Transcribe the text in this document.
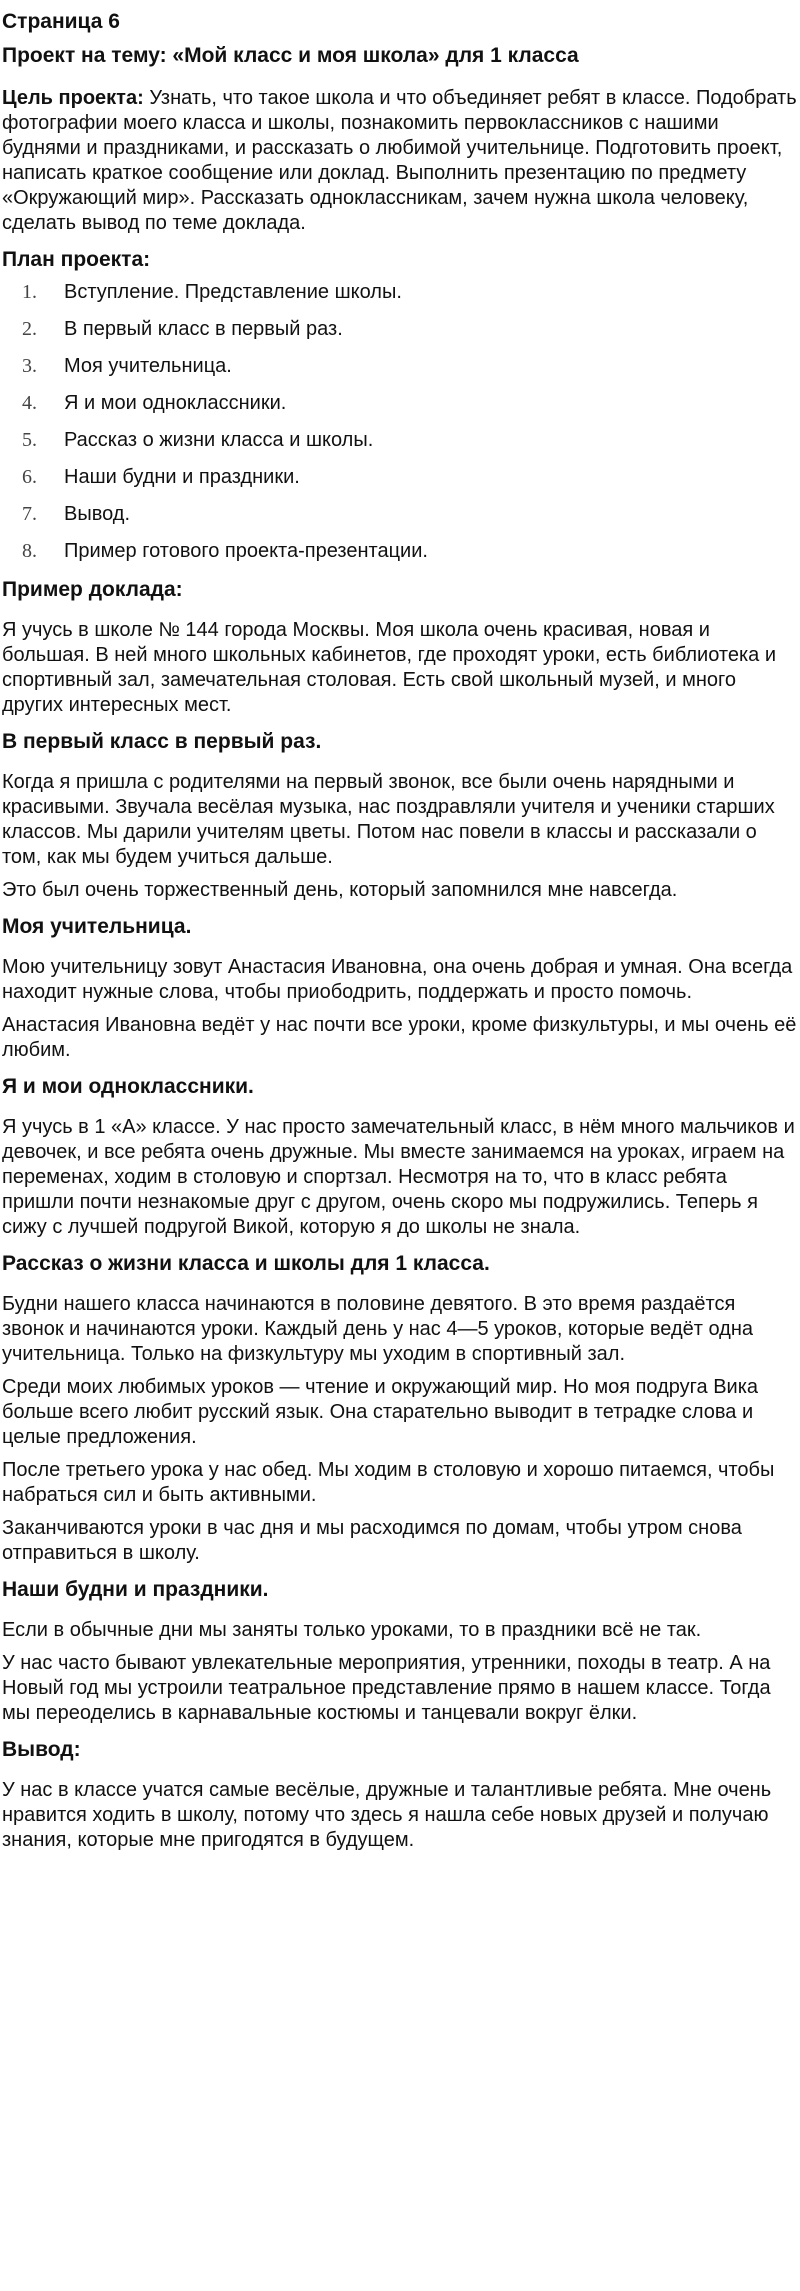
Страница 6
Проект на тему: «Мой класс и моя школа» для 1 класса

Цель проекта: Узнать, что такое школа и что объединяет ребят в классе. Подобрать фотографии моего класса и школы, познакомить первоклассников с нашими буднями и праздниками, и рассказать о любимой учительнице. Подготовить проект, написать краткое сообщение или доклад. Выполнить презентацию по предмету «Окружающий мир». Рассказать одноклассникам, зачем нужна школа человеку, сделать вывод по теме доклада.

План проекта:
1.	Вступление. Представление школы.
2.	В первый класс в первый раз.
3.	Моя учительница.
4.	Я и мои одноклассники.
5.	Рассказ о жизни класса и школы.
6.	Наши будни и праздники.
7.	Вывод.
8.	Пример готового проекта-презентации.
Пример доклада:

Я учусь в школе № 144 города Москвы. Моя школа очень красивая, новая и большая. В ней много школьных кабинетов, где проходят уроки, есть библиотека и спортивный зал, замечательная столовая. Есть свой школьный музей, и много других интересных мест.

В первый класс в первый раз.

Когда я пришла с родителями на первый звонок, все были очень нарядными и красивыми. Звучала весёлая музыка, нас поздравляли учителя и ученики старших классов. Мы дарили учителям цветы. Потом нас повели в классы и рассказали о том, как мы будем учиться дальше.

Это был очень торжественный день, который запомнился мне навсегда.

Моя учительница.

Мою учительницу зовут Анастасия Ивановна, она очень добрая и умная. Она всегда находит нужные слова, чтобы приободрить, поддержать и просто помочь.

Анастасия Ивановна ведёт у нас почти все уроки, кроме физкультуры, и мы очень её любим.

Я и мои одноклассники.

Я учусь в 1 «А» классе. У нас просто замечательный класс, в нём много мальчиков и девочек, и все ребята очень дружные. Мы вместе занимаемся на уроках, играем на переменах, ходим в столовую и спортзал. Несмотря на то, что в класс ребята пришли почти незнакомые друг с другом, очень скоро мы подружились. Теперь я сижу с лучшей подругой Викой, которую я до школы не знала.

Рассказ о жизни класса и школы для 1 класса.

Будни нашего класса начинаются в половине девятого. В это время раздаётся звонок и начинаются уроки. Каждый день у нас 4—5 уроков, которые ведёт одна учительница. Только на физкультуру мы уходим в спортивный зал.

Среди моих любимых уроков — чтение и окружающий мир. Но моя подруга Вика больше всего любит русский язык. Она старательно выводит в тетрадке слова и целые предложения.

После третьего урока у нас обед. Мы ходим в столовую и хорошо питаемся, чтобы набраться сил и быть активными.

Заканчиваются уроки в час дня и мы расходимся по домам, чтобы утром снова отправиться в школу.

Наши будни и праздники.

Если в обычные дни мы заняты только уроками, то в праздники всё не так.

У нас часто бывают увлекательные мероприятия, утренники, походы в театр. А на Новый год мы устроили театральное представление прямо в нашем классе. Тогда мы переоделись в карнавальные костюмы и танцевали вокруг ёлки.

Вывод:

У нас в классе учатся самые весёлые, дружные и талантливые ребята. Мне очень нравится ходить в школу, потому что здесь я нашла себе новых друзей и получаю знания, которые мне пригодятся в будущем.
